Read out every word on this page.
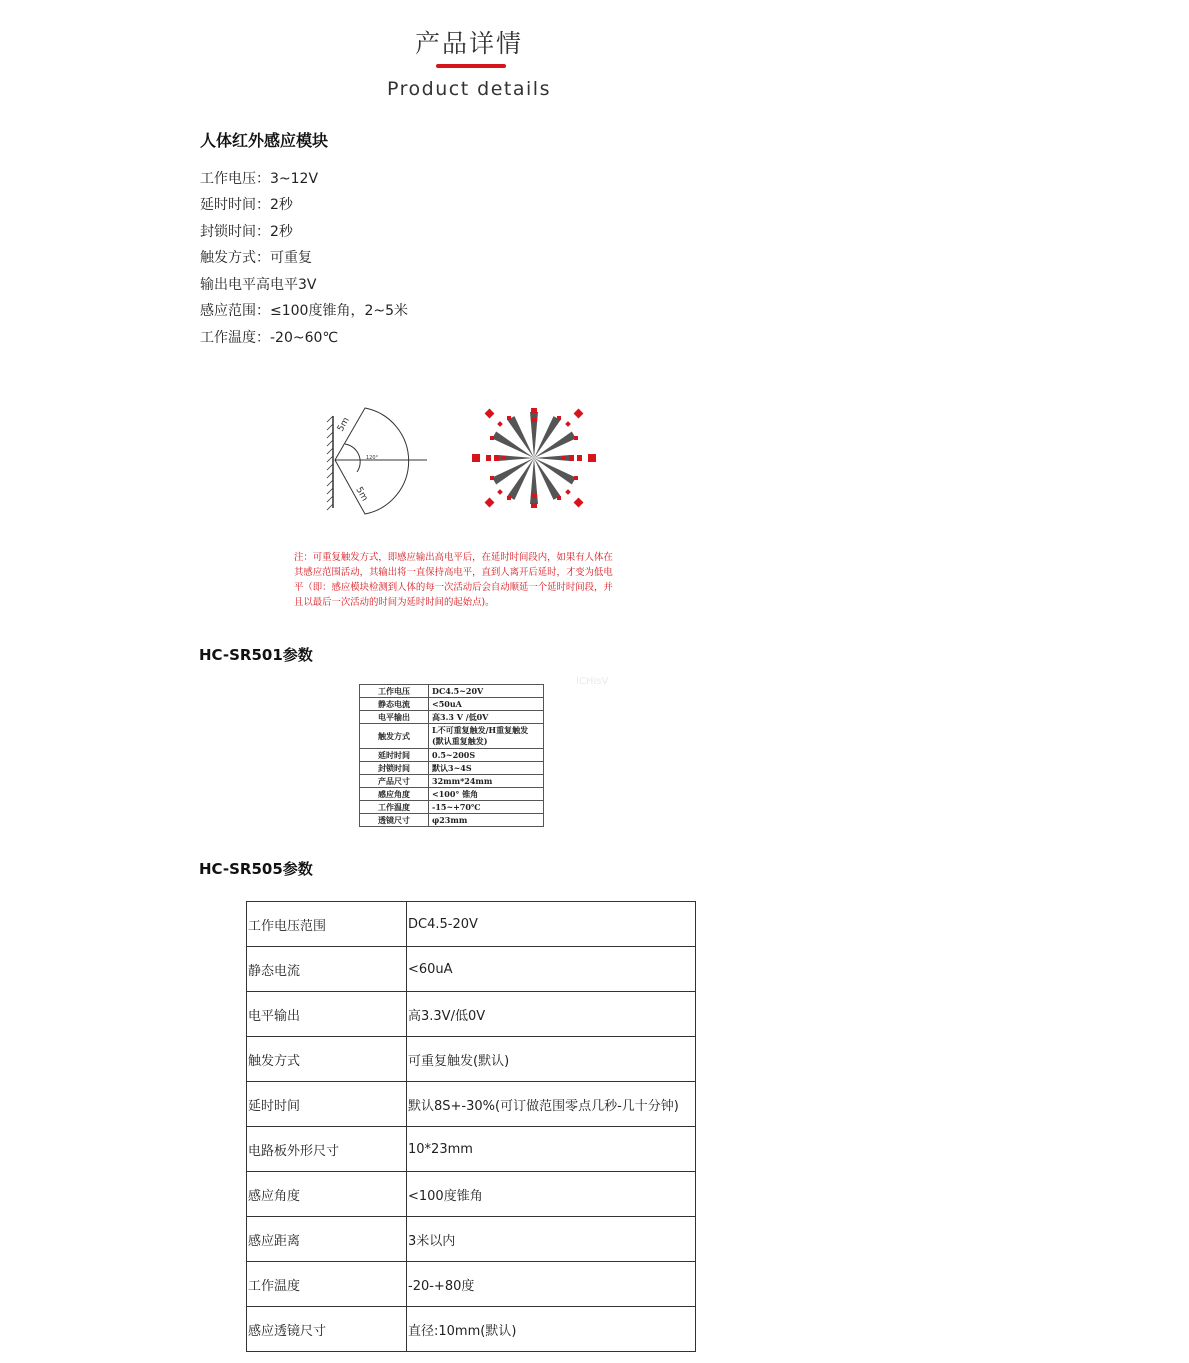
产品详情
Product details
人体红外感应模块
工作电压：3~12V
延时时间：2秒
封锁时间：2秒
触发方式：可重复
输出电平高电平3V
感应范围：≤100度锥角，2~5米
工作温度：-20~60℃
5m
5m
120°
注：可重复触发方式，即感应输出高电平后，在延时时间段内，如果有人体在
其感应范围活动，其输出将一直保持高电平，直到人离开后延时，才变为低电
平（即：感应模块检测到人体的每一次活动后会自动顺延一个延时时间段，并
且以最后一次活动的时间为延时时间的起始点)。
HC-SR501参数
ICHisV
工作电压	DC4.5~20V
静态电流	<50uA
电平输出	高3.3 V /低0V
触发方式	L不可重复触发/H重复触发
(默认重复触发)

延时时间	0.5~200S
封锁时间	默认3~4S
产品尺寸	32mm*24mm
感应角度	<100° 锥角
工作温度	-15~+70℃
透镜尺寸	φ23mm
HC-SR505参数
工作电压范围	DC4.5-20V
静态电流	<60uA
电平输出	高3.3V/低0V
触发方式	可重复触发(默认)
延时时间	默认8S+-30%(可订做范围零点几秒-几十分钟)
电路板外形尺寸	10*23mm
感应角度	<100度锥角
感应距离	3米以内
工作温度	-20-+80度
感应透镜尺寸	直径:10mm(默认)
